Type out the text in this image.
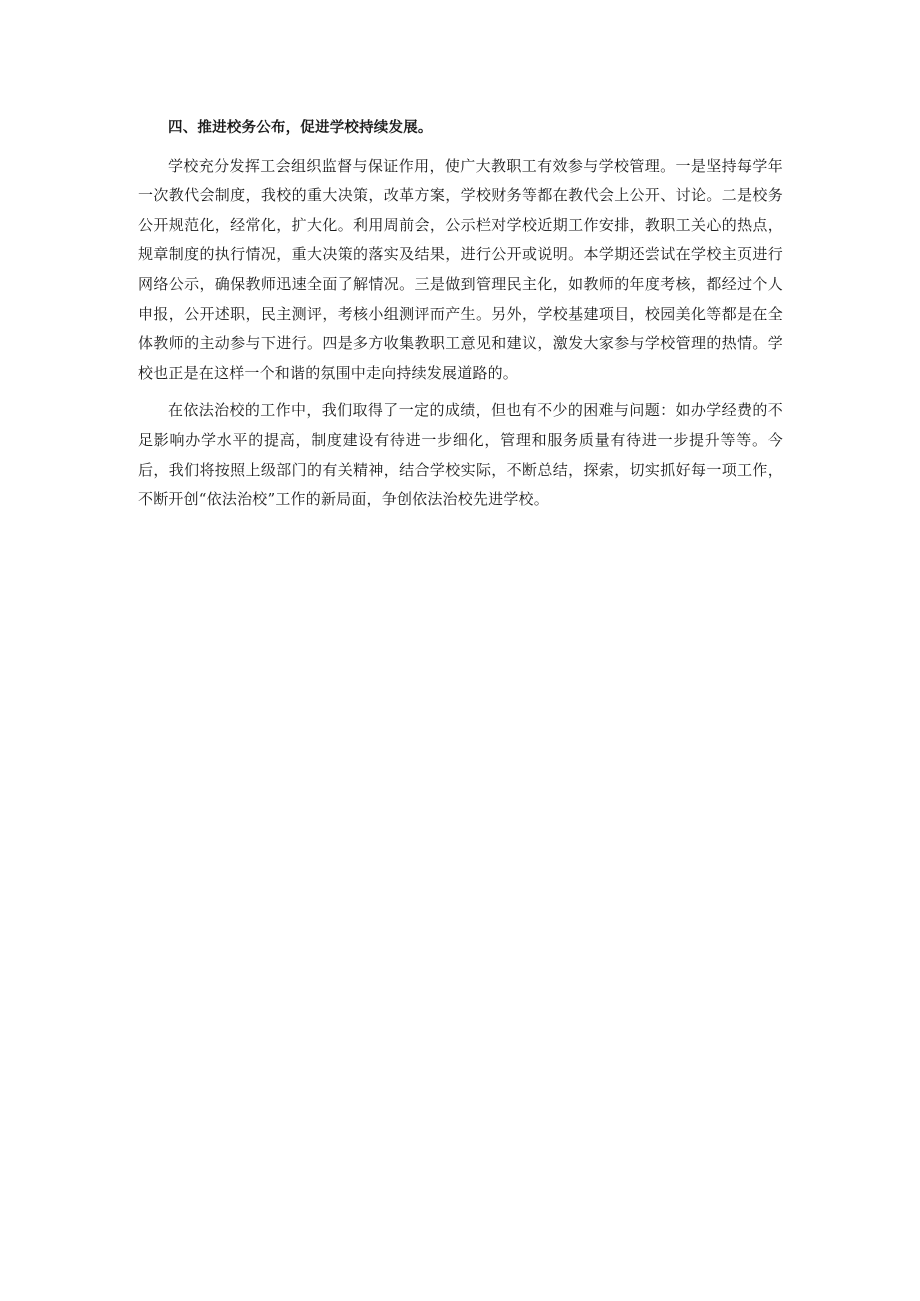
四、推进校务公布，促进学校持续发展。

学校充分发挥工会组织监督与保证作用，使广大教职工有效参与学校管理。一是坚持每学年一次教代会制度，我校的重大决策，改革方案，学校财务等都在教代会上公开、讨论。二是校务公开规范化，经常化，扩大化。利用周前会，公示栏对学校近期工作安排，教职工关心的热点，规章制度的执行情况，重大决策的落实及结果，进行公开或说明。本学期还尝试在学校主页进行网络公示，确保教师迅速全面了解情况。三是做到管理民主化，如教师的年度考核，都经过个人申报，公开述职，民主测评，考核小组测评而产生。另外，学校基建项目，校园美化等都是在全体教师的主动参与下进行。四是多方收集教职工意见和建议，激发大家参与学校管理的热情。学校也正是在这样一个和谐的氛围中走向持续发展道路的。

在依法治校的工作中，我们取得了一定的成绩，但也有不少的困难与问题：如办学经费的不足影响办学水平的提高，制度建设有待进一步细化，管理和服务质量有待进一步提升等等。今后，我们将按照上级部门的有关精神，结合学校实际，不断总结，探索，切实抓好每一项工作，不断开创“依法治校”工作的新局面，争创依法治校先进学校。
